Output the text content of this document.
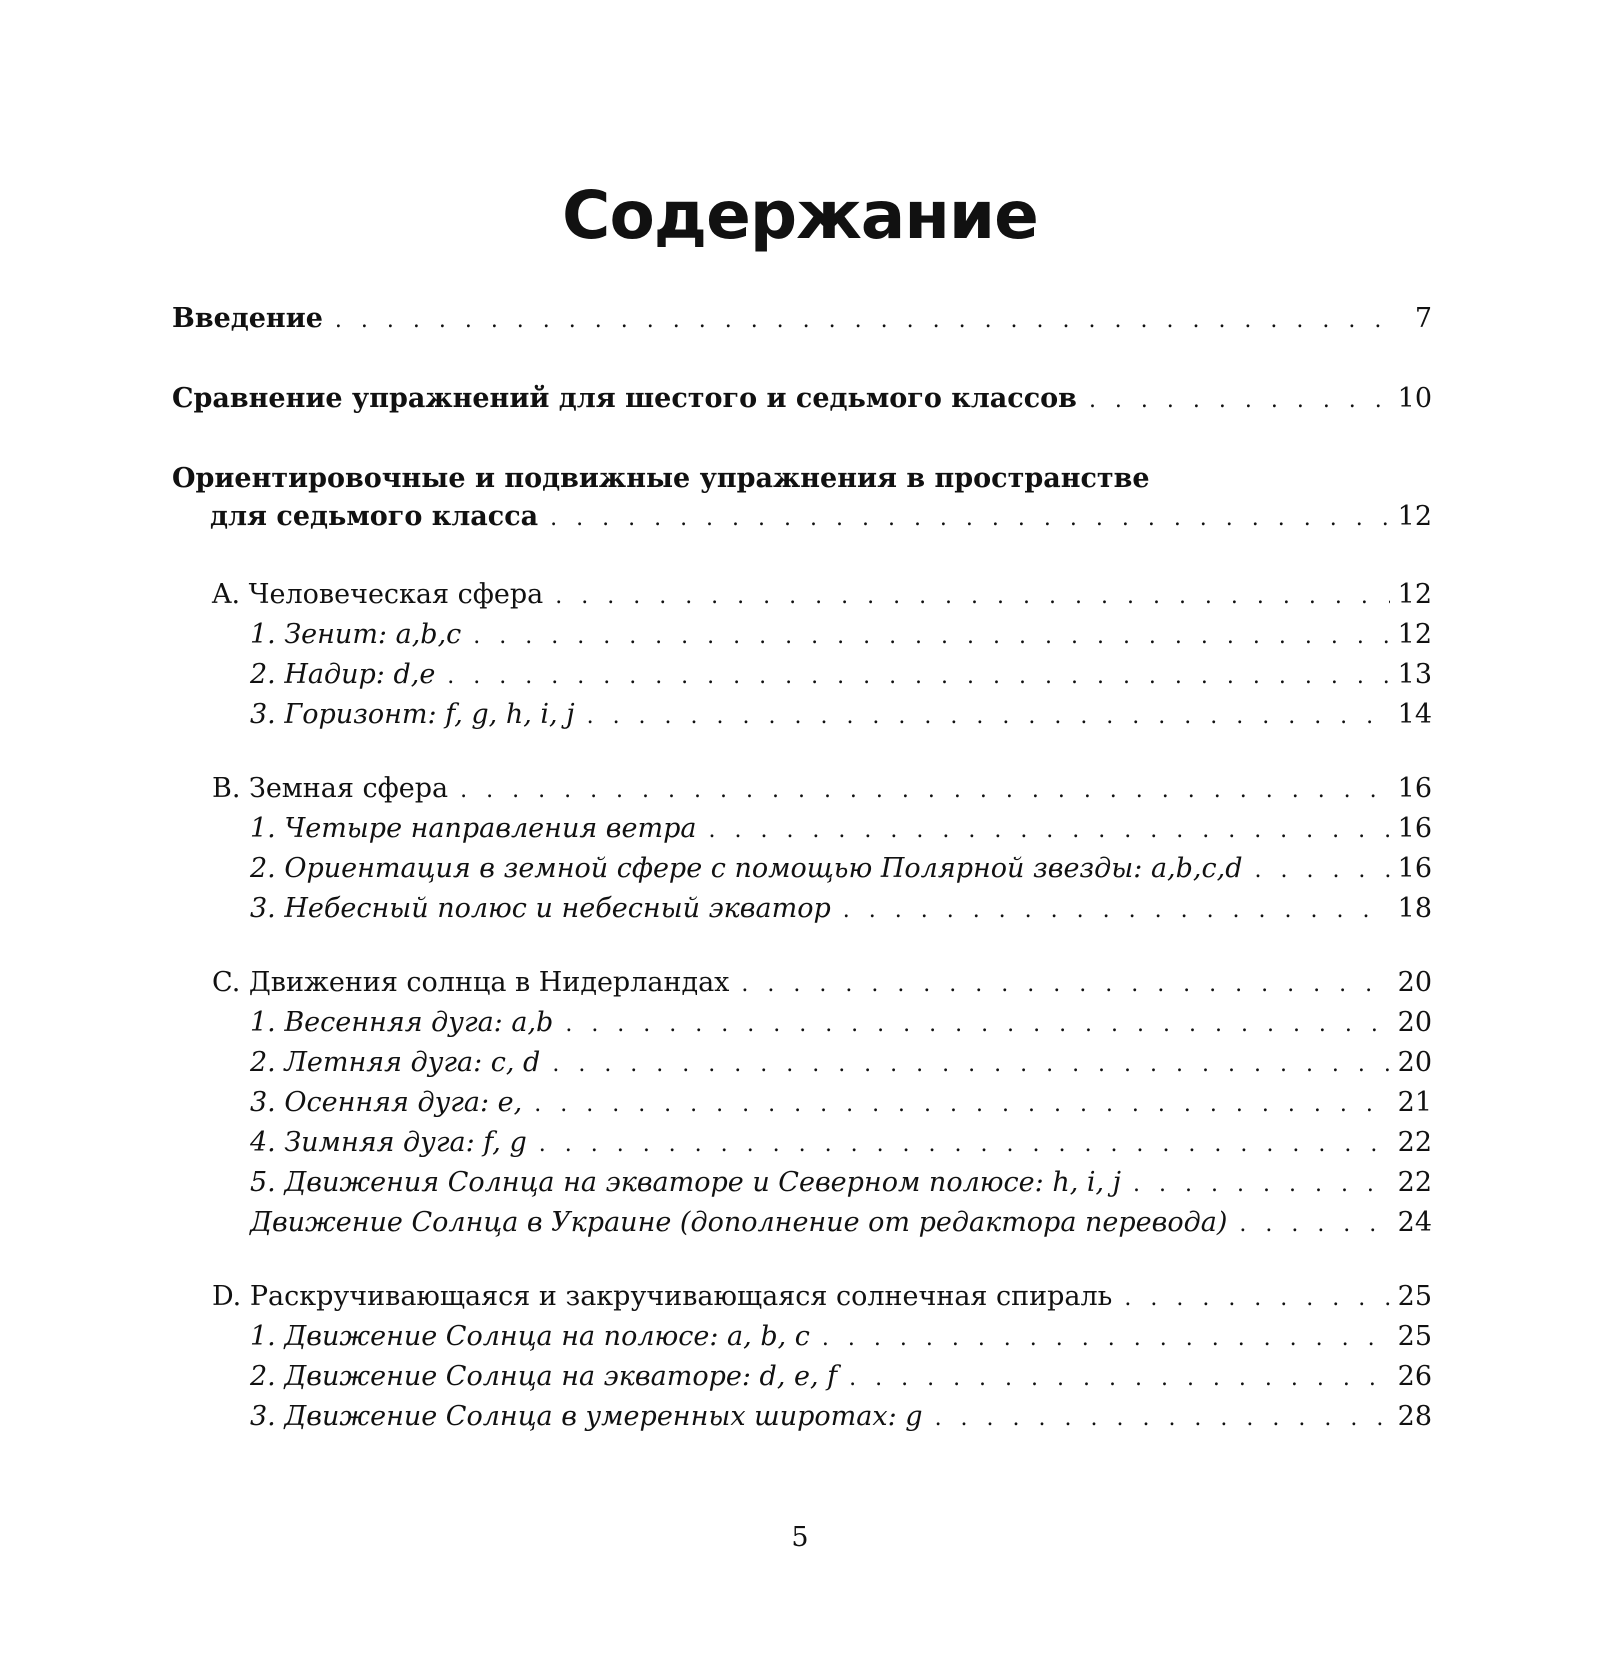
Содержание
Введение . . .	7
Сравнение упражнений для шестого и седьмого классов . . .	10
Ориентировочные и подвижные упражнения в пространстве
для седьмого класса . . .	12
A. Человеческая сфера . . .	12
1. Зенит: a,b,c . . .	12
2. Надир: d,e . . .	13
3. Горизонт: f, g, h, i, j . . .	14
B. Земная сфера . . .	16
1. Четыре направления ветра . . .	16
2. Ориентация в земной сфере с помощью Полярной звезды: a,b,c,d . . .	16
3. Небесный полюс и небесный экватор . . .	18
C. Движения солнца в Нидерландах . . .	20
1. Весенняя дуга: a,b . . .	20
2. Летняя дуга: c, d . . .	20
3. Осенняя дуга: e, . . .	21
4. Зимняя дуга: f, g . . .	22
5. Движения Солнца на экваторе и Северном полюсе: h, i, j . . .	22
Движение Солнца в Украине (дополнение от редактора перевода) . . .	24
D. Раскручивающаяся и закручивающаяся солнечная спираль . . .	25
1. Движение Солнца на полюсе: a, b, c . . .	25
2. Движение Солнца на экваторе: d, e, f . . .	26
3. Движение Солнца в умеренных широтах: g . . .	28
5
